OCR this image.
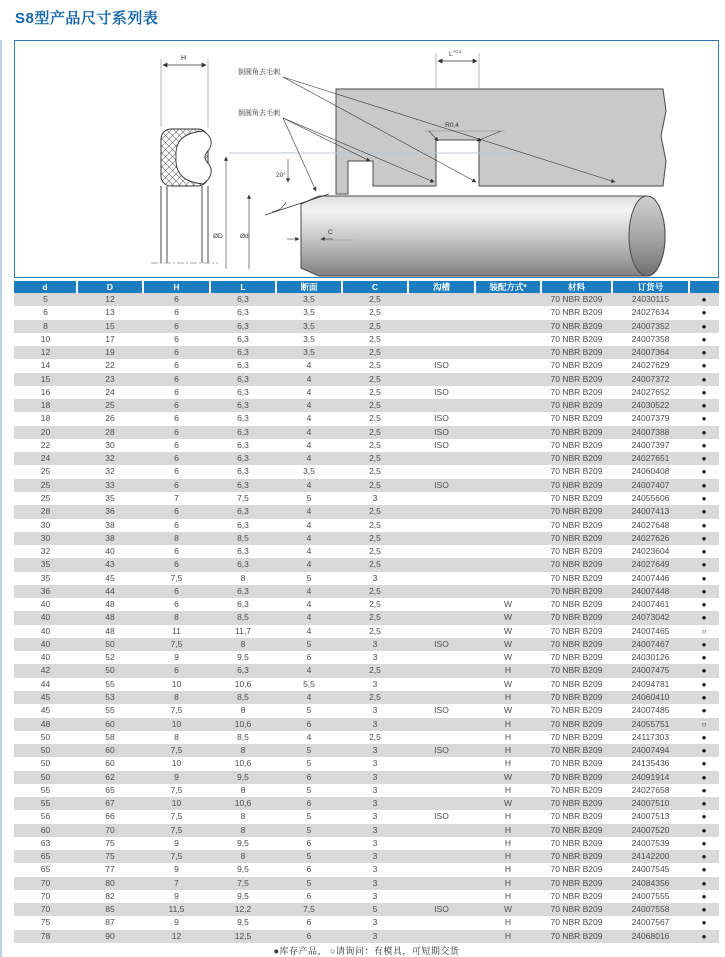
S8型产品尺寸系列表
H
$L^{+0.2}$
R0,4
倒圆角去毛刺
倒圆角去毛刺
20°
ØD	Ød
C
d	D	H	L	断面	C	沟槽	装配方式*	材料	订货号	
5	12	6	6,3	3,5	2,5			70 NBR B209	24030115	●
6	13	6	6,3	3,5	2,5			70 NBR B209	24027634	●
8	15	6	6,3	3,5	2,5			70 NBR B209	24007352	●
10	17	6	6,3	3,5	2,5			70 NBR B209	24007358	●
12	19	6	6,3	3,5	2,5			70 NBR B209	24007364	●
14	22	6	6,3	4	2,5	ISO		70 NBR B209	24027629	●
15	23	6	6,3	4	2,5			70 NBR B209	24007372	●
16	24	6	6,3	4	2,5	ISO		70 NBR B209	24027652	●
18	25	6	6,3	4	2,5			70 NBR B209	24030522	●
18	26	6	6,3	4	2,5	ISO		70 NBR B209	24007379	●
20	28	6	6,3	4	2,5	ISO		70 NBR B209	24007388	●
22	30	6	6,3	4	2,5	ISO		70 NBR B209	24007397	●
24	32	6	6,3	4	2,5			70 NBR B209	24027651	●
25	32	6	6,3	3,5	2,5			70 NBR B209	24060408	●
25	33	6	6,3	4	2,5	ISO		70 NBR B209	24007407	●
25	35	7	7,5	5	3			70 NBR B209	24055606	●
28	36	6	6,3	4	2,5			70 NBR B209	24007413	●
30	38	6	6,3	4	2,5			70 NBR B209	24027648	●
30	38	8	8,5	4	2,5			70 NBR B209	24027626	●
32	40	6	6,3	4	2,5			70 NBR B209	24023604	●
35	43	6	6,3	4	2,5			70 NBR B209	24027649	●
35	45	7,5	8	5	3			70 NBR B209	24007446	●
36	44	6	6,3	4	2,5			70 NBR B209	24007448	●
40	48	6	6,3	4	2,5		W	70 NBR B209	24007461	●
40	48	8	8,5	4	2,5		W	70 NBR B209	24073042	●
40	48	11	11,7	4	2,5		W	70 NBR B209	24007465	○
40	50	7,5	8	5	3	ISO	W	70 NBR B209	24007467	●
40	52	9	9,5	6	3		W	70 NBR B209	24030126	●
42	50	6	6,3	4	2,5		H	70 NBR B209	24007475	●
44	55	10	10,6	5,5	3		W	70 NBR B209	24094781	●
45	53	8	8,5	4	2,5		H	70 NBR B209	24060410	●
45	55	7,5	8	5	3	ISO	W	70 NBR B209	24007485	●
48	60	10	10,6	6	3		H	70 NBR B209	24055751	○
50	58	8	8,5	4	2,5		H	70 NBR B209	24117303	●
50	60	7,5	8	5	3	ISO	H	70 NBR B209	24007494	●
50	60	10	10,6	5	3		H	70 NBR B209	24135436	●
50	62	9	9,5	6	3		W	70 NBR B209	24091914	●
55	65	7,5	8	5	3		H	70 NBR B209	24027658	●
55	67	10	10,6	6	3		W	70 NBR B209	24007510	●
56	66	7,5	8	5	3	ISO	H	70 NBR B209	24007513	●
60	70	7,5	8	5	3		H	70 NBR B209	24007520	●
63	75	9	9,5	6	3		H	70 NBR B209	24007539	●
65	75	7,5	8	5	3		H	70 NBR B209	24142200	●
65	77	9	9,5	6	3		H	70 NBR B209	24007545	●
70	80	7	7,5	5	3		H	70 NBR B209	24084356	●
70	82	9	9,5	6	3		H	70 NBR B209	24007555	●
70	85	11,5	12,2	7,5	5	ISO	W	70 NBR B209	24007558	●
75	87	9	9,5	6	3		H	70 NBR B209	24007567	●
78	90	12	12,5	6	3		H	70 NBR B209	24068016	●
●库存产品， ○请询问：有模具，可短期交货
